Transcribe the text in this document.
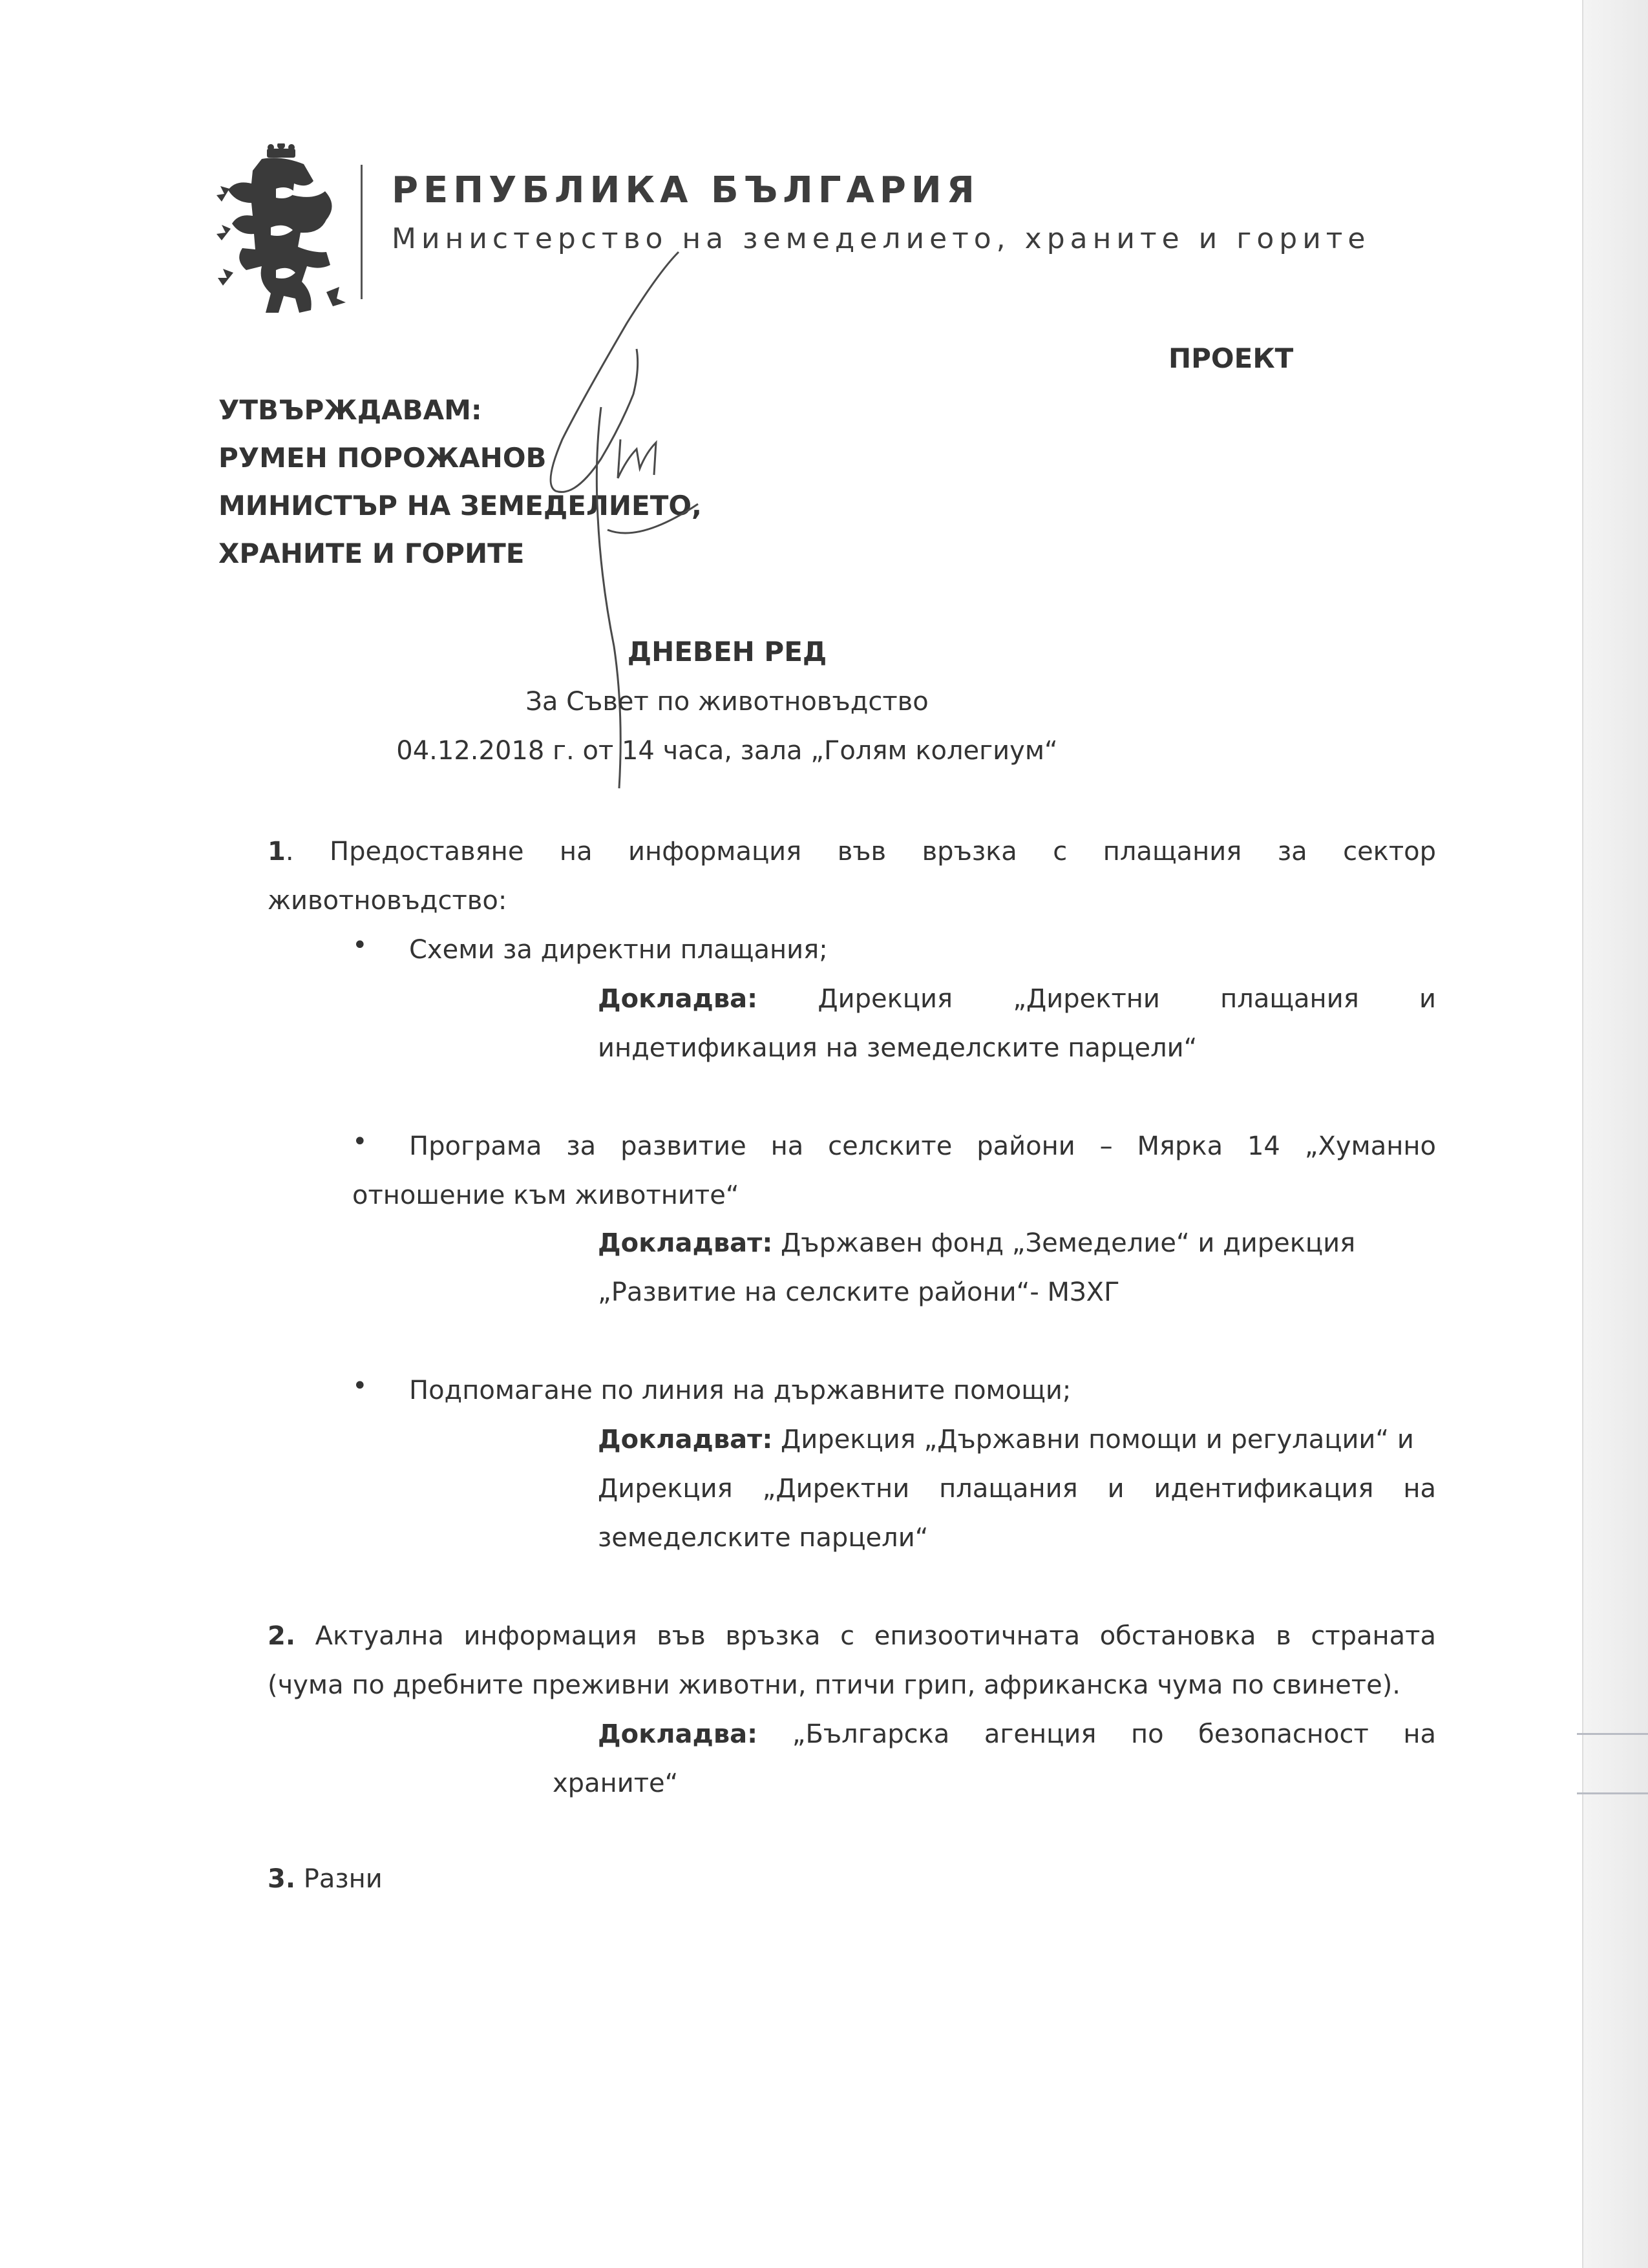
РЕПУБЛИКА БЪЛГАРИЯ
Министерство на земеделието, храните и горите
ПРОЕКТ
УТВЪРЖДАВАМ:
РУМЕН ПОРОЖАНОВ
МИНИСТЪР НА ЗЕМЕДЕЛИЕТО,
ХРАНИТЕ И ГОРИТЕ
ДНЕВЕН РЕД
За Съвет по животновъдство
04.12.2018 г. от 14 часа, зала „Голям колегиум“
1. Предоставяне на информация във връзка с плащания за сектор
животновъдство:
• Схеми за директни плащания;
Докладва: Дирекция „Директни плащания и
индетификация на земеделските парцели“
• Програма за развитие на селските райони – Мярка 14 „Хуманно
отношение към животните“
Докладват: Държавен фонд „Земеделие“ и дирекция
„Развитие на селските райони“- МЗХГ
• Подпомагане по линия на държавните помощи;
Докладват: Дирекция „Държавни помощи и регулации“ и
Дирекция „Директни плащания и идентификация на
земеделските парцели“
2. Актуална информация във връзка с епизоотичната обстановка в страната
(чума по дребните преживни животни, птичи грип, африканска чума по свинете).
Докладва: „Българска агенция по безопасност на
храните“
3. Разни
